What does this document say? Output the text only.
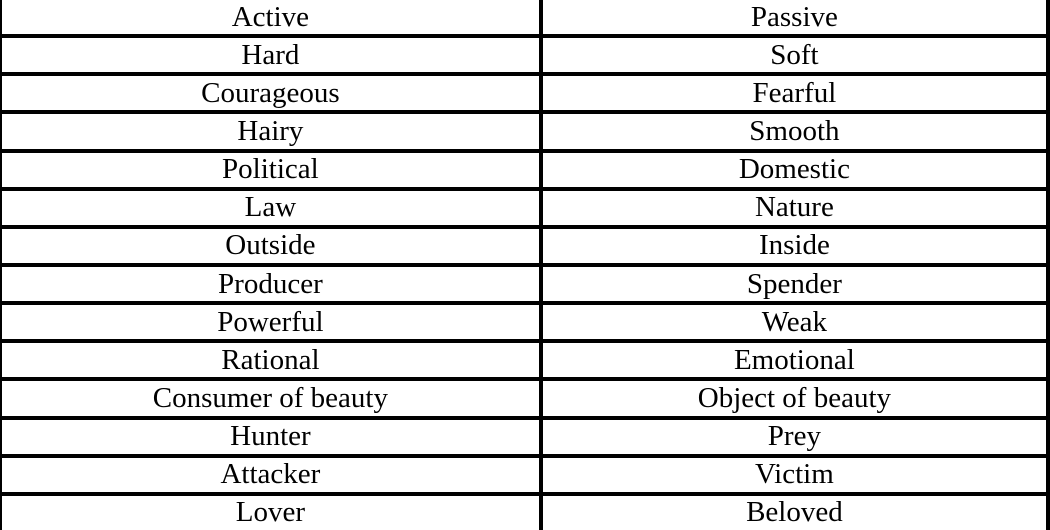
Active	Passive
Hard	Soft
Courageous	Fearful
Hairy	Smooth
Political	Domestic
Law	Nature
Outside	Inside
Producer	Spender
Powerful	Weak
Rational	Emotional
Consumer of beauty	Object of beauty
Hunter	Prey
Attacker	Victim
Lover	Beloved
